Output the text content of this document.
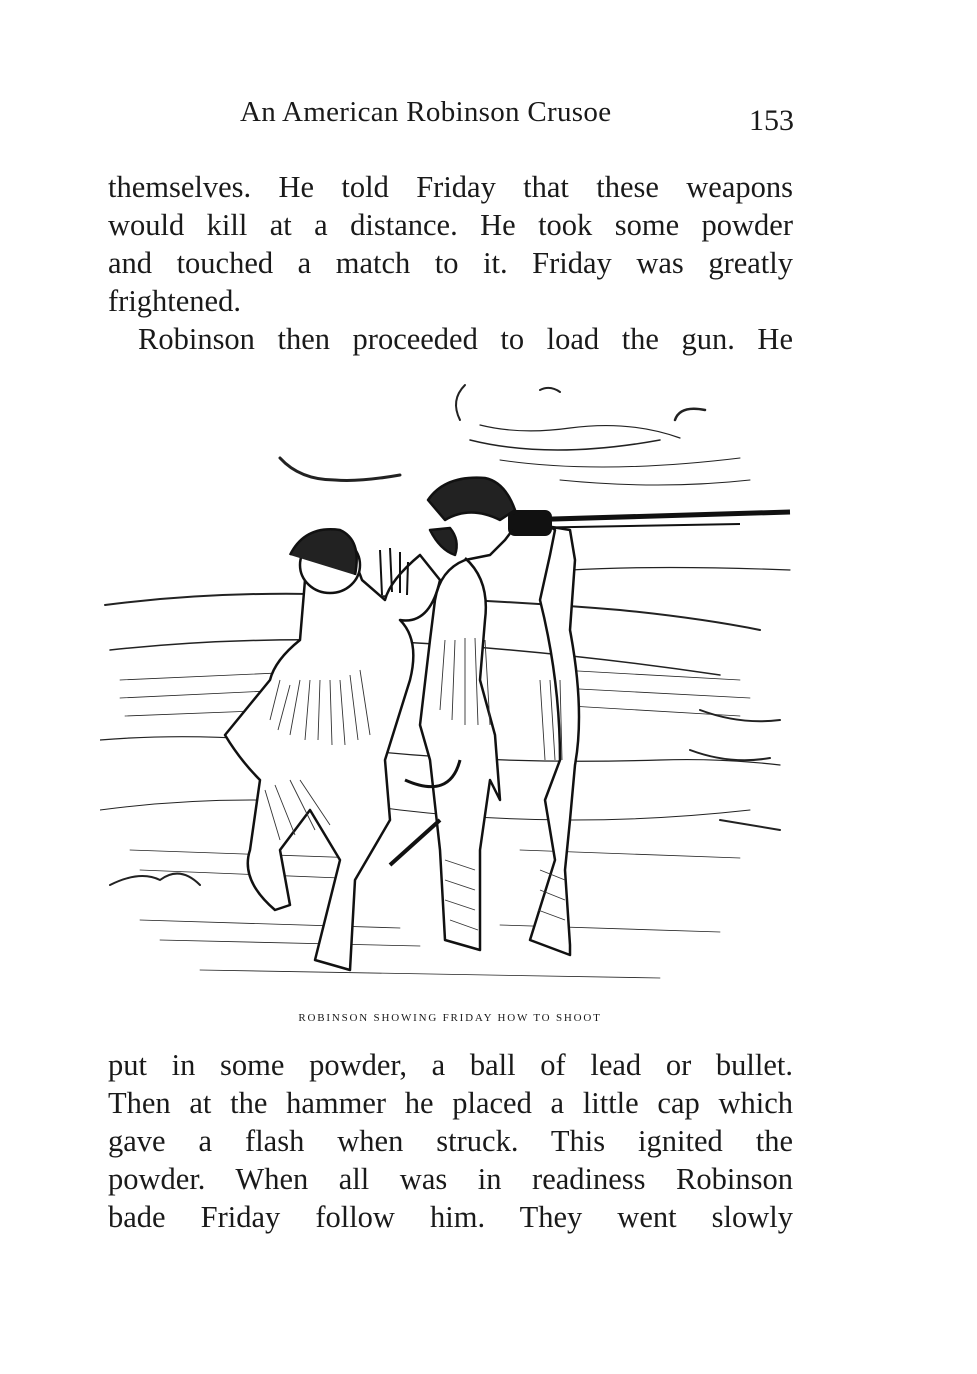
An American Robinson Crusoe	153
themselves. He told Friday that these weapons
would kill at a distance. He took some powder
and touched a match to it. Friday was greatly
frightened.
Robinson then proceeded to load the gun. He
ROBINSON SHOWING FRIDAY HOW TO SHOOT
put in some powder, a ball of lead or bullet.
Then at the hammer he placed a little cap which
gave a flash when struck. This ignited the
powder. When all was in readiness Robinson
bade Friday follow him. They went slowly
